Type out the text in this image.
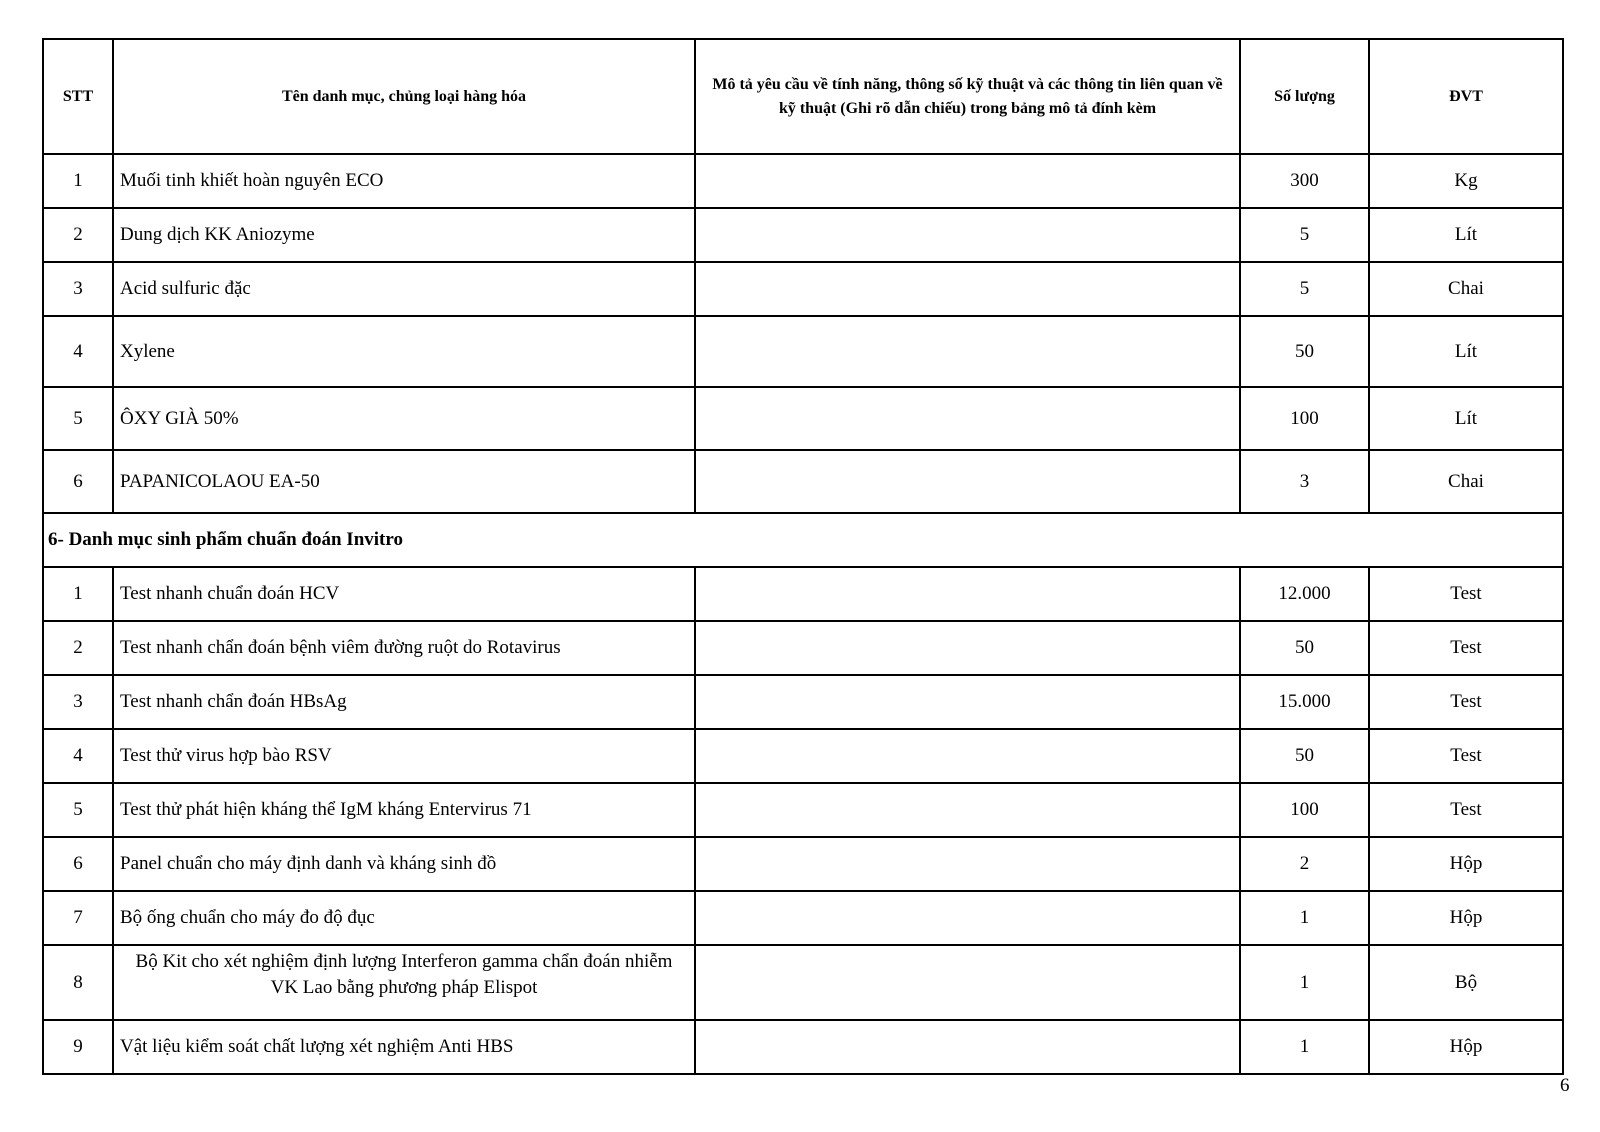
STT	Tên danh mục, chủng loại hàng hóa	Mô tả yêu cầu về tính năng, thông số kỹ thuật và các thông tin liên quan về kỹ thuật (Ghi rõ dẫn chiếu) trong bảng mô tả đính kèm	Số lượng	ĐVT
1	Muối tinh khiết hoàn nguyên ECO		300	Kg
2	Dung dịch KK Aniozyme		5	Lít
3	Acid sulfuric đặc		5	Chai
4	Xylene		50	Lít
5	ÔXY GIÀ 50%		100	Lít
6	PAPANICOLAOU EA-50		3	Chai
6- Danh mục sinh phẩm chuẩn đoán Invitro				
1	Test nhanh chuẩn đoán HCV		12.000	Test
2	Test nhanh chẩn đoán bệnh viêm đường ruột do Rotavirus		50	Test
3	Test nhanh chẩn đoán HBsAg		15.000	Test
4	Test thử virus hợp bào RSV		50	Test
5	Test thử phát hiện kháng thể IgM kháng Entervirus 71		100	Test
6	Panel chuẩn cho máy định danh và kháng sinh đồ		2	Hộp
7	Bộ ống chuẩn cho máy đo độ đục		1	Hộp
8	Bộ Kit cho xét nghiệm định lượng Interferon gamma chẩn đoán nhiễm VK Lao bằng phương pháp Elispot		1	Bộ
9	Vật liệu kiểm soát chất lượng xét nghiệm Anti HBS		1	Hộp
6
